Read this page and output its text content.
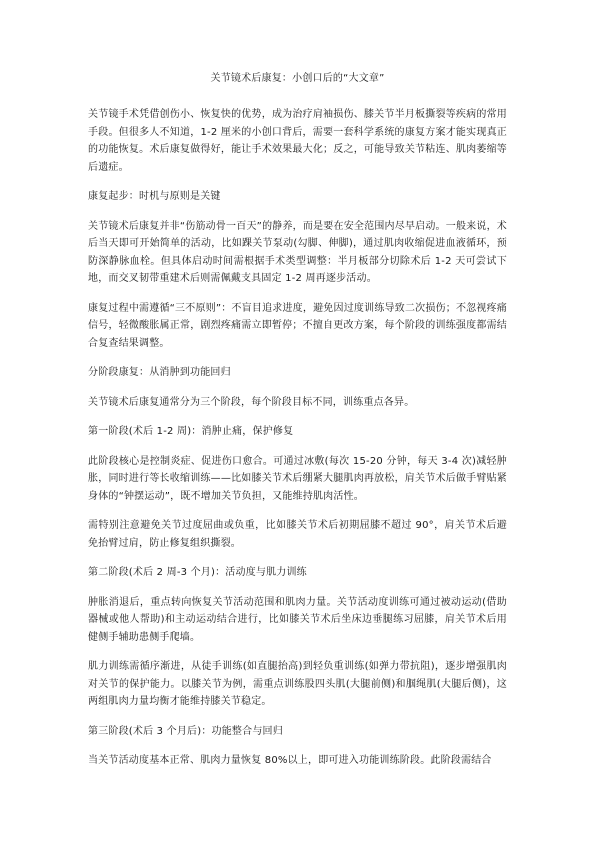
关节镜术后康复：小创口后的“大文章”

关节镜手术凭借创伤小、恢复快的优势，成为治疗肩袖损伤、膝关节半月板撕裂等疾病的常用手段。但很多人不知道，1-2 厘米的小创口背后，需要一套科学系统的康复方案才能实现真正的功能恢复。术后康复做得好，能让手术效果最大化；反之，可能导致关节粘连、肌肉萎缩等后遗症。

康复起步：时机与原则是关键

关节镜术后康复并非“伤筋动骨一百天”的静养，而是要在安全范围内尽早启动。一般来说，术后当天即可开始简单的活动，比如踝关节泵动(勾脚、伸脚)，通过肌肉收缩促进血液循环，预防深静脉血栓。但具体启动时间需根据手术类型调整：半月板部分切除术后 1-2 天可尝试下地，而交叉韧带重建术后则需佩戴支具固定 1-2 周再逐步活动。

康复过程中需遵循“三不原则”：不盲目追求进度，避免因过度训练导致二次损伤；不忽视疼痛信号，轻微酸胀属正常，剧烈疼痛需立即暂停；不擅自更改方案，每个阶段的训练强度都需结合复查结果调整。

分阶段康复：从消肿到功能回归

关节镜术后康复通常分为三个阶段，每个阶段目标不同，训练重点各异。

第一阶段(术后 1-2 周)：消肿止痛，保护修复

此阶段核心是控制炎症、促进伤口愈合。可通过冰敷(每次 15-20 分钟，每天 3-4 次)减轻肿胀，同时进行等长收缩训练——比如膝关节术后绷紧大腿肌肉再放松，肩关节术后做手臂贴紧身体的“钟摆运动”，既不增加关节负担，又能维持肌肉活性。

需特别注意避免关节过度屈曲或负重，比如膝关节术后初期屈膝不超过 90°，肩关节术后避免抬臂过肩，防止修复组织撕裂。

第二阶段(术后 2 周-3 个月)：活动度与肌力训练

肿胀消退后，重点转向恢复关节活动范围和肌肉力量。关节活动度训练可通过被动运动(借助器械或他人帮助)和主动运动结合进行，比如膝关节术后坐床边垂腿练习屈膝，肩关节术后用健侧手辅助患侧手爬墙。

肌力训练需循序渐进，从徒手训练(如直腿抬高)到轻负重训练(如弹力带抗阻)，逐步增强肌肉对关节的保护能力。以膝关节为例，需重点训练股四头肌(大腿前侧)和腘绳肌(大腿后侧)，这两组肌肉力量均衡才能维持膝关节稳定。

第三阶段(术后 3 个月后)：功能整合与回归

当关节活动度基本正常、肌肉力量恢复 80%以上，即可进入功能训练阶段。此阶段需结合
